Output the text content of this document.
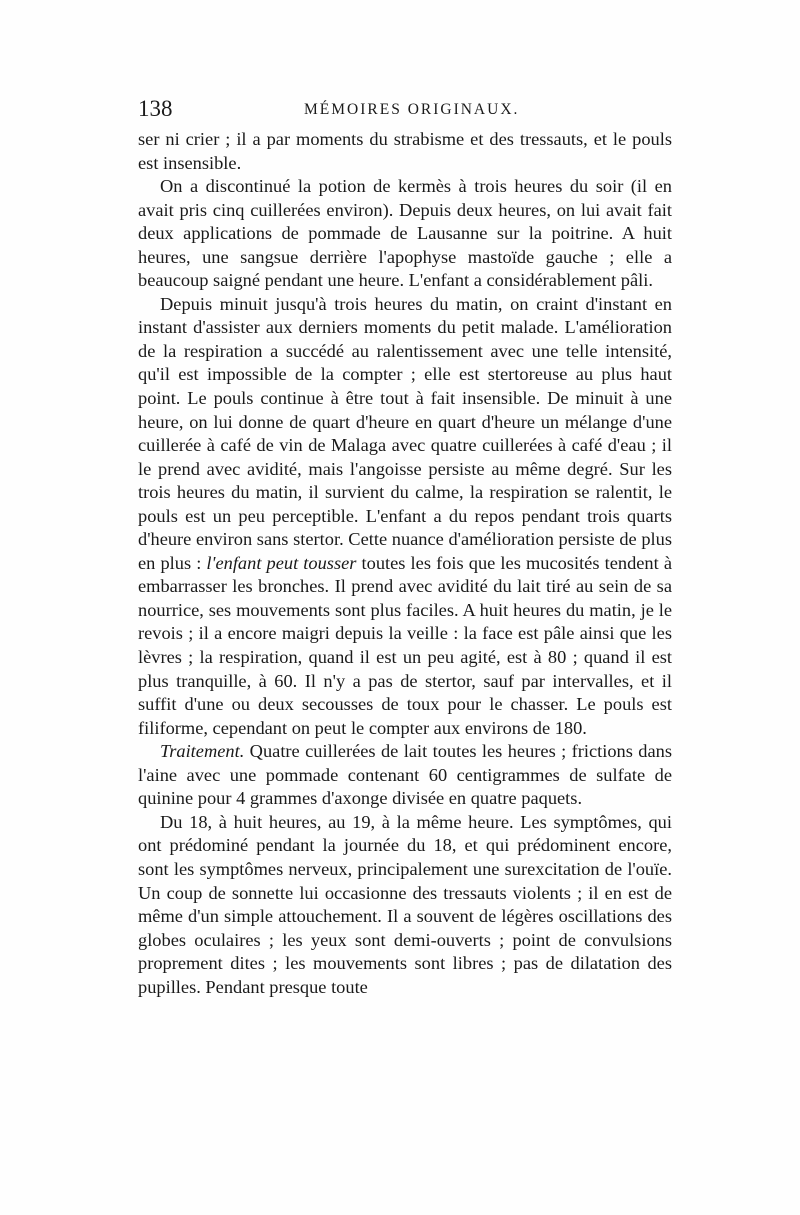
138	MÉMOIRES ORIGINAUX.

ser ni crier ; il a par moments du strabisme et des tressauts, et le pouls est insensible.

On a discontinué la potion de kermès à trois heures du soir (il en avait pris cinq cuillerées environ). Depuis deux heures, on lui avait fait deux applications de pommade de Lausanne sur la poitrine. A huit heures, une sangsue derrière l'apophyse mastoïde gauche ; elle a beaucoup saigné pendant une heure. L'enfant a considérablement pâli.

Depuis minuit jusqu'à trois heures du matin, on craint d'instant en instant d'assister aux derniers moments du petit malade. L'amélioration de la respiration a succédé au ralentissement avec une telle intensité, qu'il est impossible de la compter ; elle est stertoreuse au plus haut point. Le pouls continue à être tout à fait insensible. De minuit à une heure, on lui donne de quart d'heure en quart d'heure un mélange d'une cuillerée à café de vin de Malaga avec quatre cuillerées à café d'eau ; il le prend avec avidité, mais l'angoisse persiste au même degré. Sur les trois heures du matin, il survient du calme, la respiration se ralentit, le pouls est un peu perceptible. L'enfant a du repos pendant trois quarts d'heure environ sans stertor. Cette nuance d'amélioration persiste de plus en plus : l'enfant peut tousser toutes les fois que les mucosités tendent à embarrasser les bronches. Il prend avec avidité du lait tiré au sein de sa nourrice, ses mouvements sont plus faciles. A huit heures du matin, je le revois ; il a encore maigri depuis la veille : la face est pâle ainsi que les lèvres ; la respiration, quand il est un peu agité, est à 80 ; quand il est plus tranquille, à 60. Il n'y a pas de stertor, sauf par intervalles, et il suffit d'une ou deux secousses de toux pour le chasser. Le pouls est filiforme, cependant on peut le compter aux environs de 180.

Traitement. Quatre cuillerées de lait toutes les heures ; frictions dans l'aine avec une pommade contenant 60 centigrammes de sulfate de quinine pour 4 grammes d'axonge divisée en quatre paquets.

Du 18, à huit heures, au 19, à la même heure. Les symptômes, qui ont prédominé pendant la journée du 18, et qui prédominent encore, sont les symptômes nerveux, principalement une surexcitation de l'ouïe. Un coup de sonnette lui occasionne des tressauts violents ; il en est de même d'un simple attouchement. Il a souvent de légères oscillations des globes oculaires ; les yeux sont demi-ouverts ; point de convulsions proprement dites ; les mouvements sont libres ; pas de dilatation des pupilles. Pendant presque toute
